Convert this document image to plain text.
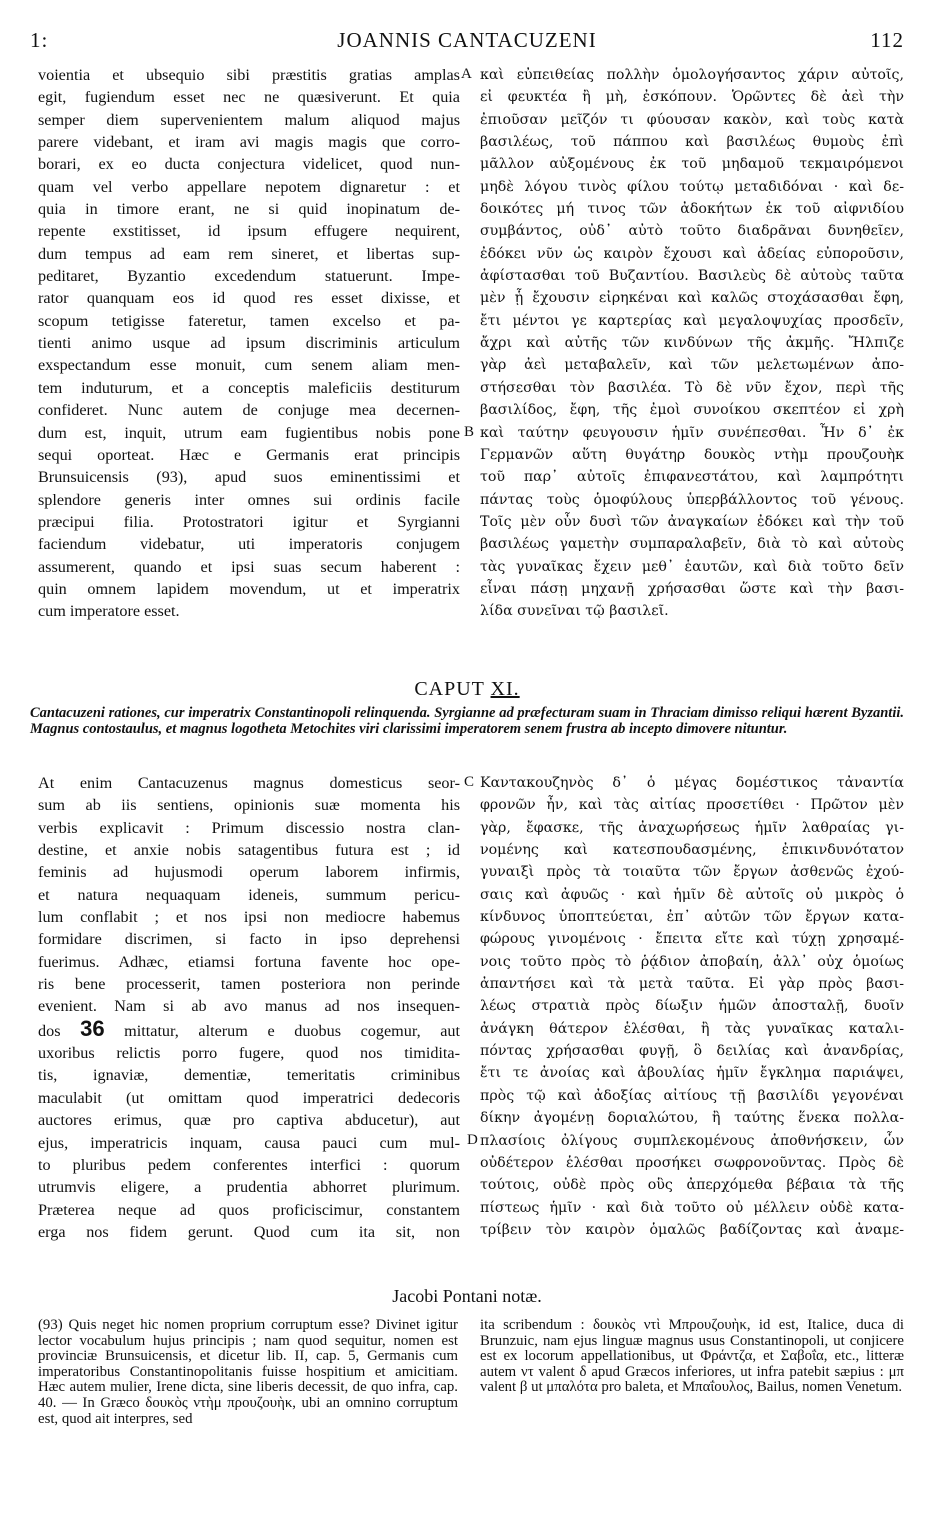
1:	JOANNIS CANTACUZENI	112

voientia et ubsequio sibi præstitis gratias amplas

egit, fugiendum esset nec ne quæsiverunt. Et quia

semper diem supervenientem malum aliquod majus

parere videbant, et iram avi magis magis que corro-

borari, ex eo ducta conjectura videlicet, quod nun-

quam vel verbo appellare nepotem dignaretur : et

quia in timore erant, ne si quid inopinatum de-

repente exstitisset, id ipsum effugere nequirent,

dum tempus ad eam rem sineret, et libertas sup-

peditaret, Byzantio excedendum statuerunt. Impe-

rator quanquam eos id quod res esset dixisse, et

scopum tetigisse fateretur, tamen excelso et pa-

tienti animo usque ad ipsum discriminis articulum

exspectandum esse monuit, cum senem aliam men-

tem induturum, et a conceptis maleficiis destiturum

confideret. Nunc autem de conjuge mea decernen-

dum est, inquit, utrum eam fugientibus nobis pone

sequi oporteat. Hæc e Germanis erat principis

Brunsuicensis (93), apud suos eminentissimi et

splendore generis inter omnes sui ordinis facile

præcipui filia. Protostratori igitur et Syrgianni

faciendum videbatur, uti imperatoris conjugem

assumerent, quando et ipsi suas secum haberent :

quin omnem lapidem movendum, ut et imperatrix

cum imperatore esset.

A
B

καὶ εὐπειθείας πολλὴν ὁμολογήσαντος χάριν αὐτοῖς,

εἰ φευκτέα ἢ μὴ, ἐσκόπουν. Ὁρῶντες δὲ ἀεὶ τὴν

ἐπιοῦσαν μεῖζόν τι φύουσαν κακὸν, καὶ τοὺς κατὰ

βασιλέως, τοῦ πάππου καὶ βασιλέως θυμοὺς ἐπὶ

μᾶλλον αὐξομένους ἐκ τοῦ μηδαμοῦ τεκμαιρόμενοι

μηδὲ λόγου τινὸς φίλου τούτῳ μεταδιδόναι · καὶ δε-

δοικότες μή τινος τῶν ἀδοκήτων ἐκ τοῦ αἰφνιδίου

συμβάντος, οὐδ᾽ αὐτὸ τοῦτο διαδρᾶναι δυνηθεῖεν,

ἐδόκει νῦν ὡς καιρὸν ἔχουσι καὶ ἀδείας εὐποροῦσιν,

ἀφίστασθαι τοῦ Βυζαντίου. Βασιλεὺς δὲ αὐτοὺς ταῦτα

μὲν ᾗ ἔχουσιν εἰρηκέναι καὶ καλῶς στοχάσασθαι ἔφη,

ἔτι μέντοι γε καρτερίας καὶ μεγαλοψυχίας προσδεῖν,

ἄχρι καὶ αὐτῆς τῶν κινδύνων τῆς ἀκμῆς. Ἤλπιζε

γὰρ ἀεὶ μεταβαλεῖν, καὶ τῶν μελετωμένων ἀπο-

στήσεσθαι τὸν βασιλέα. Τὸ δὲ νῦν ἔχον, περὶ τῆς

βασιλίδος, ἔφη, τῆς ἐμοὶ συνοίκου σκεπτέον εἰ χρὴ

καὶ ταύτην φευγουσιν ἡμῖν συνέπεσθαι. Ἦν δ᾽ ἐκ

Γερμανῶν αὕτη θυγάτηρ δουκὸς ντὴμ προυζουὴκ

τοῦ παρ᾽ αὐτοῖς ἐπιφανεστάτου, καὶ λαμπρότητι

πάντας τοὺς ὁμοφύλους ὑπερβάλλοντος τοῦ γένους.

Τοῖς μὲν οὖν δυσὶ τῶν ἀναγκαίων ἐδόκει καὶ τὴν τοῦ

βασιλέως γαμετὴν συμπαραλαβεῖν, διὰ τὸ καὶ αὐτοὺς

τὰς γυναῖκας ἔχειν μεθ᾽ ἑαυτῶν, καὶ διὰ τοῦτο δεῖν

εἶναι πάσῃ μηχανῇ χρήσασθαι ὥστε καὶ τὴν βασι-

λίδα συνεῖναι τῷ βασιλεῖ.

CAPUT XI.
Cantacuzeni rationes, cur imperatrix Constantinopoli relinquenda. Syrgianne ad præfecturam suam in Thraciam dimisso reliqui hærent Byzantii. Magnus contostaulus, et magnus logotheta Metochites viri clarissimi imperatorem senem frustra ab incepto dimovere nituntur.

At enim Cantacuzenus magnus domesticus seor-

sum ab iis sentiens, opinionis suæ momenta his

verbis explicavit : Primum discessio nostra clan-

destine, et anxie nobis satagentibus futura est ; id

feminis ad hujusmodi operum laborem infirmis,

et natura nequaquam ideneis, summum pericu-

lum conflabit ; et nos ipsi non mediocre habemus

formidare discrimen, si facto in ipso deprehensi

fuerimus. Adhæc, etiamsi fortuna favente hoc ope-

ris bene processerit, tamen posteriora non perinde

evenient. Nam si ab avo manus ad nos insequen-

dos 36 mittatur, alterum e duobus cogemur, aut

uxoribus relictis porro fugere, quod nos timidita-

tis, ignaviæ, dementiæ, temeritatis criminibus

maculabit (ut omittam quod imperatrici dedecoris

auctores erimus, quæ pro captiva abducetur), aut

ejus, imperatricis inquam, causa pauci cum mul-

to pluribus pedem conferentes interfici : quorum

utrumvis eligere, a prudentia abhorret plurimum.

Præterea neque ad quos proficiscimur, constantem

erga nos fidem gerunt. Quod cum ita sit, non

C
D

Καντακουζηνὸς δ᾽ ὁ μέγας δομέστικος τἀναντία

φρονῶν ἦν, καὶ τὰς αἰτίας προσετίθει · Πρῶτον μὲν

γὰρ, ἔφασκε, τῆς ἀναχωρήσεως ἡμῖν λαθραίας γι-

νομένης καὶ κατεσπουδασμένης, ἐπικινδυνότατον

γυναιξὶ πρὸς τὰ τοιαῦτα τῶν ἔργων ἀσθενῶς ἐχού-

σαις καὶ ἀφυῶς · καὶ ἡμῖν δὲ αὐτοῖς οὐ μικρὸς ὁ

κίνδυνος ὑποπτεύεται, ἐπ᾽ αὐτῶν τῶν ἔργων κατα-

φώρους γινομένοις · ἔπειτα εἴτε καὶ τύχῃ χρησαμέ-

νοις τοῦτο πρὸς τὸ ῥᾴδιον ἀποβαίη, ἀλλ᾽ οὐχ ὁμοίως

ἀπαντήσει καὶ τὰ μετὰ ταῦτα. Εἰ γὰρ πρὸς βασι-

λέως στρατιὰ πρὸς δίωξιν ἡμῶν ἀποσταλῇ, δυοῖν

ἀνάγκη θάτερον ἑλέσθαι, ἢ τὰς γυναῖκας καταλι-

πόντας χρήσασθαι φυγῇ, ὃ δειλίας καὶ ἀνανδρίας,

ἔτι τε ἀνοίας καὶ ἀβουλίας ἡμῖν ἔγκλημα παριάψει,

πρὸς τῷ καὶ ἀδοξίας αἰτίους τῇ βασιλίδι γεγονέναι

δίκην ἀγομένῃ δοριαλώτου, ἢ ταύτης ἕνεκα πολλα-

πλασίοις ὀλίγους συμπλεκομένους ἀποθνήσκειν, ὧν

οὐδέτερον ἑλέσθαι προσήκει σωφρονοῦντας. Πρὸς δὲ

τούτοις, οὐδὲ πρὸς οὓς ἀπερχόμεθα βέβαια τὰ τῆς

πίστεως ἡμῖν · καὶ διὰ τοῦτο οὐ μέλλειν οὐδὲ κατα-

τρίβειν τὸν καιρὸν ὁμαλῶς βαδίζοντας καὶ ἀναμε-

Jacobi Pontani notæ.
(93) Quis neget hic nomen proprium corruptum esse? Divinet igitur lector vocabulum hujus principis ; nam quod sequitur, nomen est provinciæ Brunsuicensis, et dicetur lib. II, cap. 5, Germanis cum imperatoribus Constantinopolitanis fuisse hospitium et amicitiam. Hæc autem mulier, Irene dicta, sine liberis decessit, de quo infra, cap. 40. — In Græco δουκὸς ντὴμ προυζουὴκ, ubi an omnino corruptum est, quod ait interpres, sed
ita scribendum : δουκὸς ντὶ Μπρουζουὴκ, id est, Italice, duca di Brunzuic, nam ejus linguæ magnus usus Constantinopoli, ut conjicere est ex locorum appellationibus, ut Φράντζα, et Σαβοΐα, etc., litteræ autem ντ valent δ apud Græcos inferiores, ut infra patebit sæpius : μπ valent β ut μπαλότα pro baleta, et Μπαΐουλος, Bailus, nomen Venetum.
